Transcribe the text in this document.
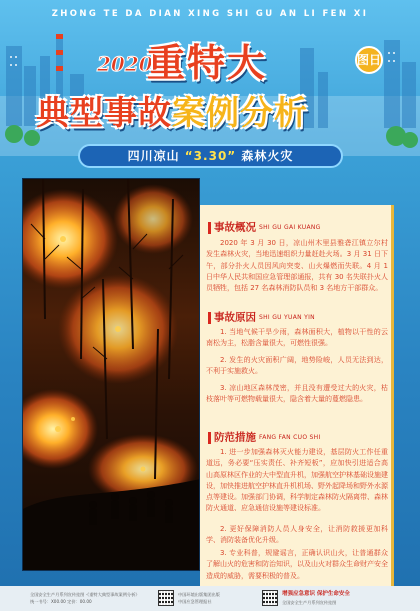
ZHONG TE DA DIAN XING SHI GU AN LI FEN XI
2020
重特大	图日
典型事故案例分析
四川凉山 “3.30” 森林火灾
事故概况 SHI GU GAI KUANG
2020 年 3 月 30 日，凉山州木里县雅砻江镇立尔村发生森林火灾，当地迅速组织力量赶赴火场。3 月 31 日下午，部分扑火人员因风向突变、山火爆燃而失联。4 月 1 日中华人民共和国应急管理部通报，共有 30 名失联扑火人员牺牲，包括 27 名森林消防队员和 3 名地方干部群众。
事故原因 SHI GU YUAN YIN
1. 当地气候干旱少雨，森林面积大，植物以干性的云南松为主，松脂含量很大，可燃性很强。
2. 发生的火灾面积广阔，地势险峻，人员无法到达，不利于实施救火。
3. 凉山地区森林茂密，并且没有遭受过大的火灾，枯枝落叶等可燃物载量很大，隐含着大量的蔓燃隐患。
防范措施 FANG FAN CUO SHI
1. 进一步加强森林灭火能力建设，基层防火工作任重道远，务必要“压实责任、补齐短板”，应加快引进适合高山高原林区作业的大中型直升机，加强航空护林基础设施建设，加快推进航空护林直升机机场、野外起降场和野外水源点等建设。加强部门协调，科学制定森林防火隔离带、森林防火通道、应急通信设施等建设标准。
2. 更好保障消防人员人身安全，让消防救援更加科学、消防装备优化升级。
3. 专业科普，规避谣言，正确认识山火，让普通群众了解山火的危害和防治知识，以及山火对群众生命财产安全造成的威胁，需要积极的普及。
全国安全生产月系列宣传挂图 ·《重特大典型事故案例分析》
统一书号：X00.00 定价：00.00
中国环境出版集团出版
中国应急管理报社
增强应急意识 保护生命安全
全国安全生产月系列宣传挂图
